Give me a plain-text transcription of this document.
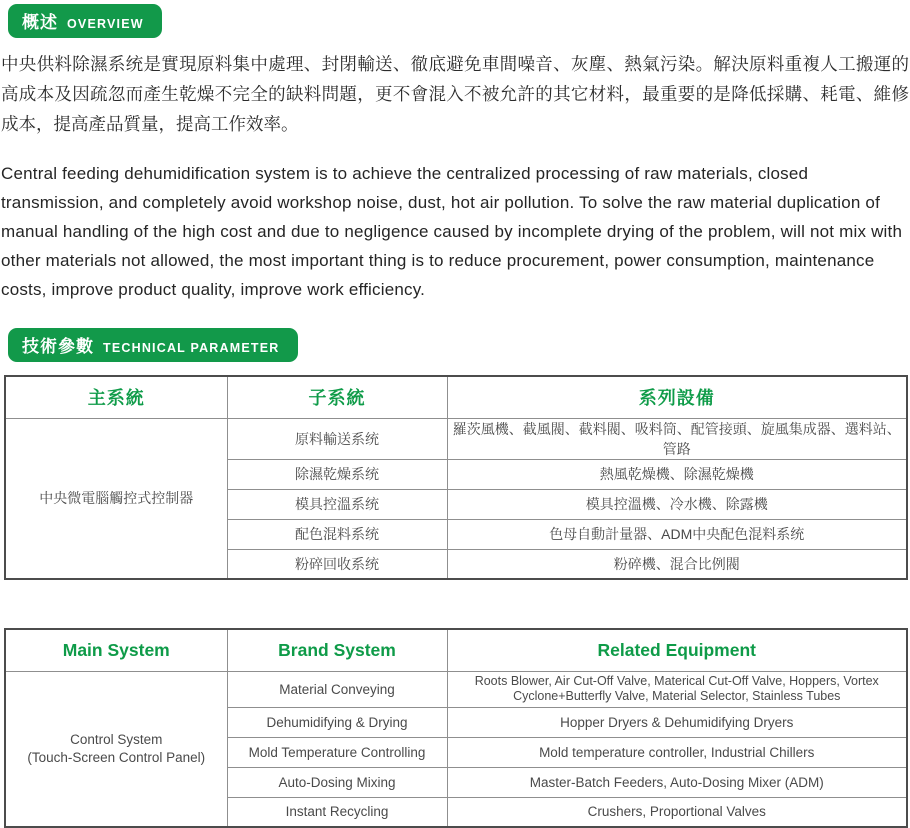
概述 OVERVIEW

中央供料除濕系统是實現原料集中處理、封閉輸送、徹底避免車間噪音、灰塵、熱氣污染。解決原料重複人工搬運的高成本及因疏忽而產生乾燥不完全的缺料問題，更不會混入不被允許的其它材料，最重要的是降低採購、耗電、維修成本，提高產品質量，提高工作效率。

Central feeding dehumidification system is to achieve the centralized processing of raw materials, closed transmission, and completely avoid workshop noise, dust, hot air pollution. To solve the raw material duplication of manual handling of the high cost and due to negligence caused by incomplete drying of the problem, will not mix with other materials not allowed, the most important thing is to reduce procurement, power consumption, maintenance costs, improve product quality, improve work efficiency.

技術參數 TECHNICAL PARAMETER
主系統	子系統	系列設備
中央微電腦觸控式控制器	原料輸送系统	羅茨風機、截風閥、截料閥、吸料筒、配管接頭、旋風集成器、選料站、管路
	除濕乾燥系统	熱風乾燥機、除濕乾燥機
	模具控溫系统	模具控溫機、冷水機、除露機
	配色混料系统	色母自動計量器、ADM中央配色混料系统
	粉碎回收系统	粉碎機、混合比例閥
Main System	Brand System	Related Equipment

Control System
(Touch-Screen Control Panel)	Material Conveying	Roots Blower, Air Cut-Off Valve, Materical Cut-Off Valve, Hoppers, Vortex Cyclone+Butterfly Valve, Material Selector, Stainless Tubes
	Dehumidifying & Drying	Hopper Dryers & Dehumidifying Dryers
	Mold Temperature Controlling	Mold temperature controller, Industrial Chillers
	Auto-Dosing Mixing	Master-Batch Feeders, Auto-Dosing Mixer (ADM)
	Instant Recycling	Crushers, Proportional Valves
